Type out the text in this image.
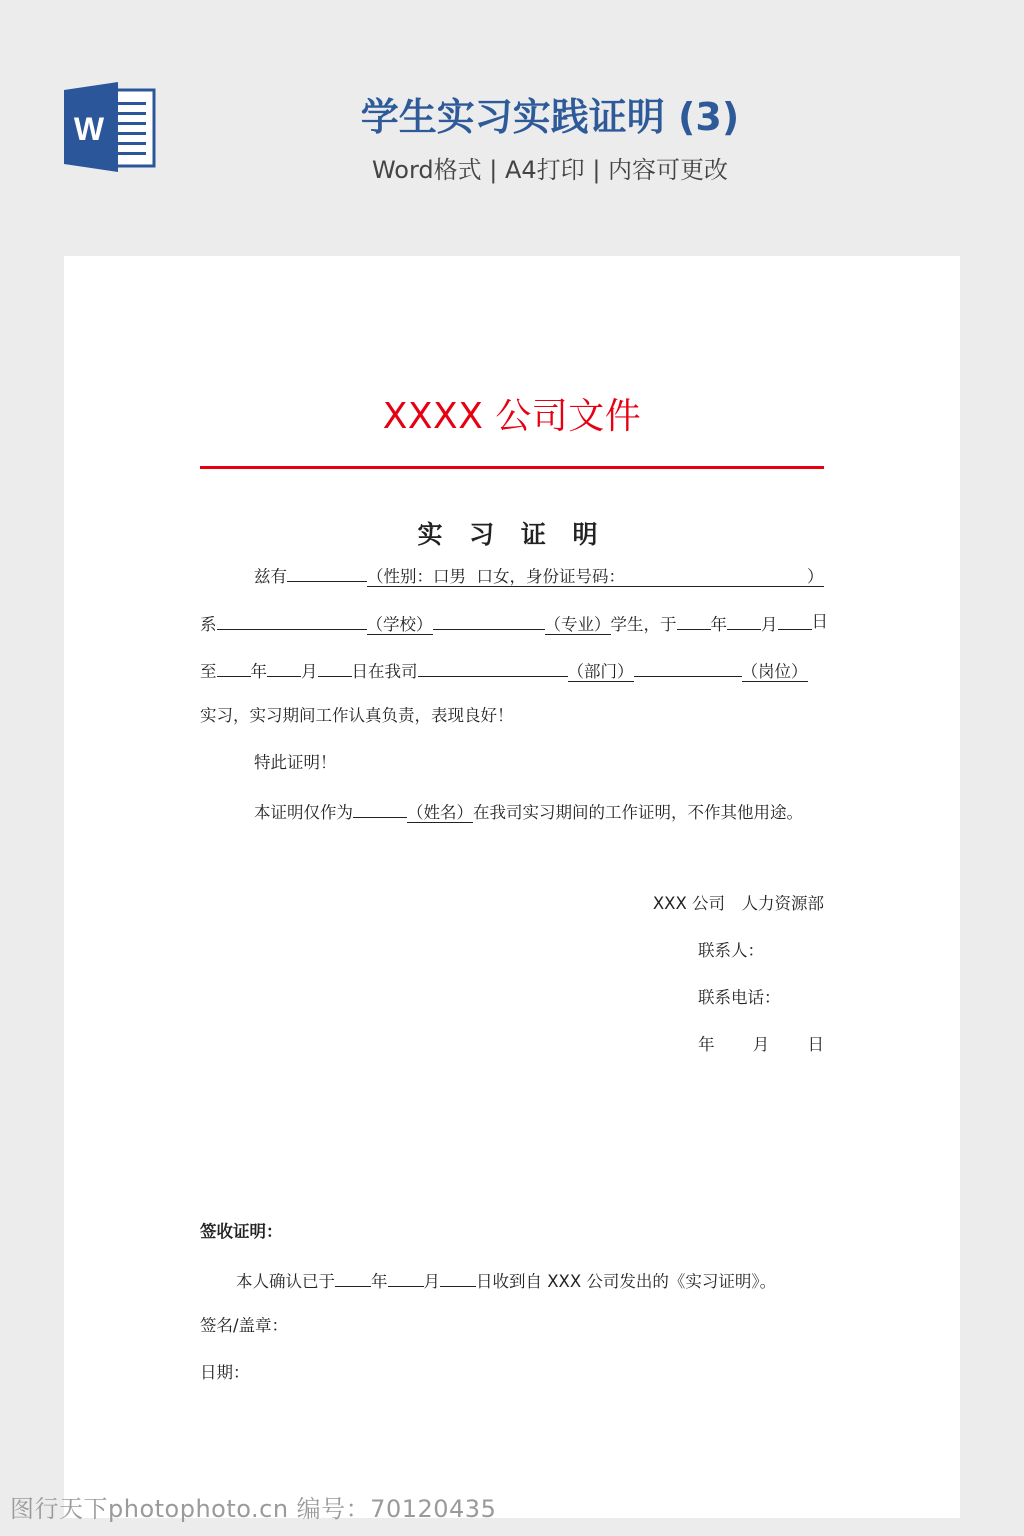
W	学生实习实践证明 (3)
Word格式 | A4打印 | 内容可更改
XXXX 公司文件
实 习 证 明
兹有	（性别：口男 口女，身份证号码：	）
系	（学校）	（专业）学生，于 年 月	日
至 年 月 日在我司	（部门）	（岗位）
实习，实习期间工作认真负责，表现良好！
特此证明！
本证明仅作为	（姓名）在我司实习期间的工作证明，不作其他用途。
XXX 公司　人力资源部
联系人：
联系电话：
年 月 日
签收证明：
本人确认已于 年 月 日收到自 XXX 公司发出的《实习证明》。
签名/盖章：
日期：
图行天下photophoto.cn 编号：70120435
